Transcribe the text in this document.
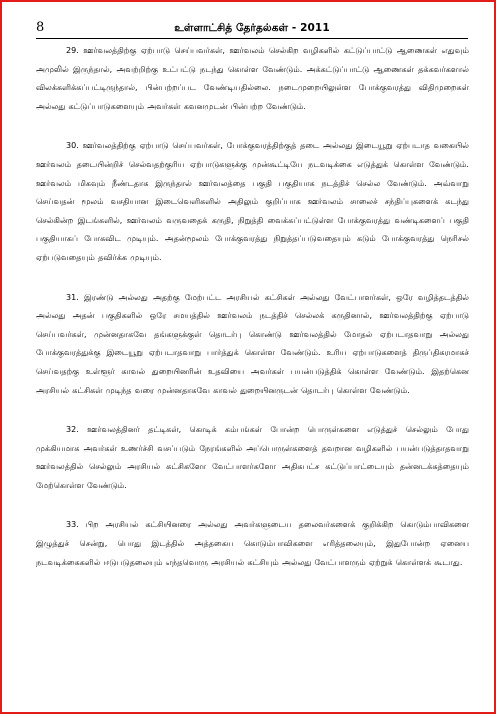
8	உள்ளாட்சித் தேர்தல்கள் - 2011

29. ஊர்வலத்திற்கு ஏற்பாடு செய்பவர்கள், ஊர்வலம் செல்கிற வழிகளில் கட்டுப்பாட்டு ஆணைகள் எதுவும் அமுலில் இருந்தால், அவற்றிற்கு உட்பட்டு நடந்து கொள்ள வேண்டும். அக்கட்டுப்பாட்டு ஆணைகள் தக்கவர்களால் விலக்களிக்கப்பட்டிருந்தால், பின்பற்றப்பட வேண்டியதில்லை. நடைமுறையிலுள்ள போக்குவரத்து விதிமுறைகள் அல்லது கட்டுப்பாடுகளையும் அவர்கள் கவனமுடன் பின்பற்ற வேண்டும்.

30. ஊர்வலத்திற்கு ஏற்பாடு செய்பவர்கள், போக்குவரத்திற்குத் தடை அல்லது இடையூறு ஏற்படாத வகையில் ஊர்வலம் தடையின்றிச் செல்வதற்குரிய ஏற்பாடுகளுக்கு முன்கூட்டியே நடவடிக்கை எடுத்துக் கொள்ள வேண்டும். ஊர்வலம் மிகவும் நீண்டதாக இருந்தால் ஊர்வலத்தை பகுதி பகுதியாக நடத்திச் செல்ல வேண்டும். அவ்வாறு செய்வதன் மூலம் வசதியான இடைவெளிகளில் அதிலும் குறிப்பாக ஊர்வலம் சாலைச் சந்திப்புகளைக் கடந்து செல்கின்ற இடங்களில், ஊர்வலம் வருவதைக் கருதி, நிறுத்தி வைக்கப்பட்டுள்ள போக்குவரத்து வண்டிகளைப் பகுதி பகுதியாகப் போகவிட முடியும். அதன்மூலம் போக்குவரத்து நிறுத்தப்படுவதையும் கடும் போக்குவரத்து நெரிசல் ஏற்படுவதையும் தவிர்க்க முடியும்.

31. இரண்டு அல்லது அதற்கு மேற்பட்ட அரசியல் கட்சிகள் அல்லது வேட்பாளர்கள், ஒரே வழித்தடத்தில் அல்லது அதன் பகுதிகளில் ஒரே சமயத்தில் ஊர்வலம் நடத்திச் செல்லக் கருதினால், ஊர்வலத்திற்கு ஏற்பாடு செய்பவர்கள், முன்னதாகவே தங்களுக்குள் தொடர்பு கொண்டு ஊர்வலத்தில் மோதல் ஏற்படாதவாறு அல்லது போக்குவரத்துக்கு இடையூறு ஏற்படாதவாறு பார்த்துக் கொள்ள வேண்டும். உரிய ஏற்பாடுகளைத் திருப்திகரமாகச் செய்வதற்கு உள்ளூர் காவல் துறையினரின் உதவியை அவர்கள் பயன்படுத்திக் கொள்ள வேண்டும். இதற்கென அரசியல் கட்சிகள் முடிந்த வரை முன்னதாகவே காவல் துறையினருடன் தொடர்பு கொள்ள வேண்டும்.

32. ஊர்வலத்தினர் தட்டிகள், கொடிக் கம்பங்கள் போன்ற பொருள்களை எடுத்துச் செல்லும் போது முக்கியமாக அவர்கள் உணர்ச்சி வசப்படும் நேரங்களில் அப்பொருள்களைத் தவறான வழிகளில் பயன்படுத்தாதவாறு ஊர்வலத்தில் செல்லும் அரசியல் கட்சிகளோ வேட்பாளர்களோ அதிகபட்ச கட்டுப்பாட்டையும் தன்னடக்கத்தையும் மேற்கொள்ள வேண்டும்.

33. பிற அரசியல் கட்சியினரை அல்லது அவர்களுடைய தலைவர்களைக் குறிக்கிற கொடும்பாவிகளை இழுத்துச் சென்று, பொது இடத்தில் அத்தகைய கொடும்பாவிகளை எரித்தலையும், இதுபோன்ற ஏனைய நடவடிக்கைகளில் ஈடுபடுதலையும் எந்தவொரு அரசியல் கட்சியும் அல்லது வேட்பாளரும் ஏற்றுக் கொள்ளக் கூடாது.
